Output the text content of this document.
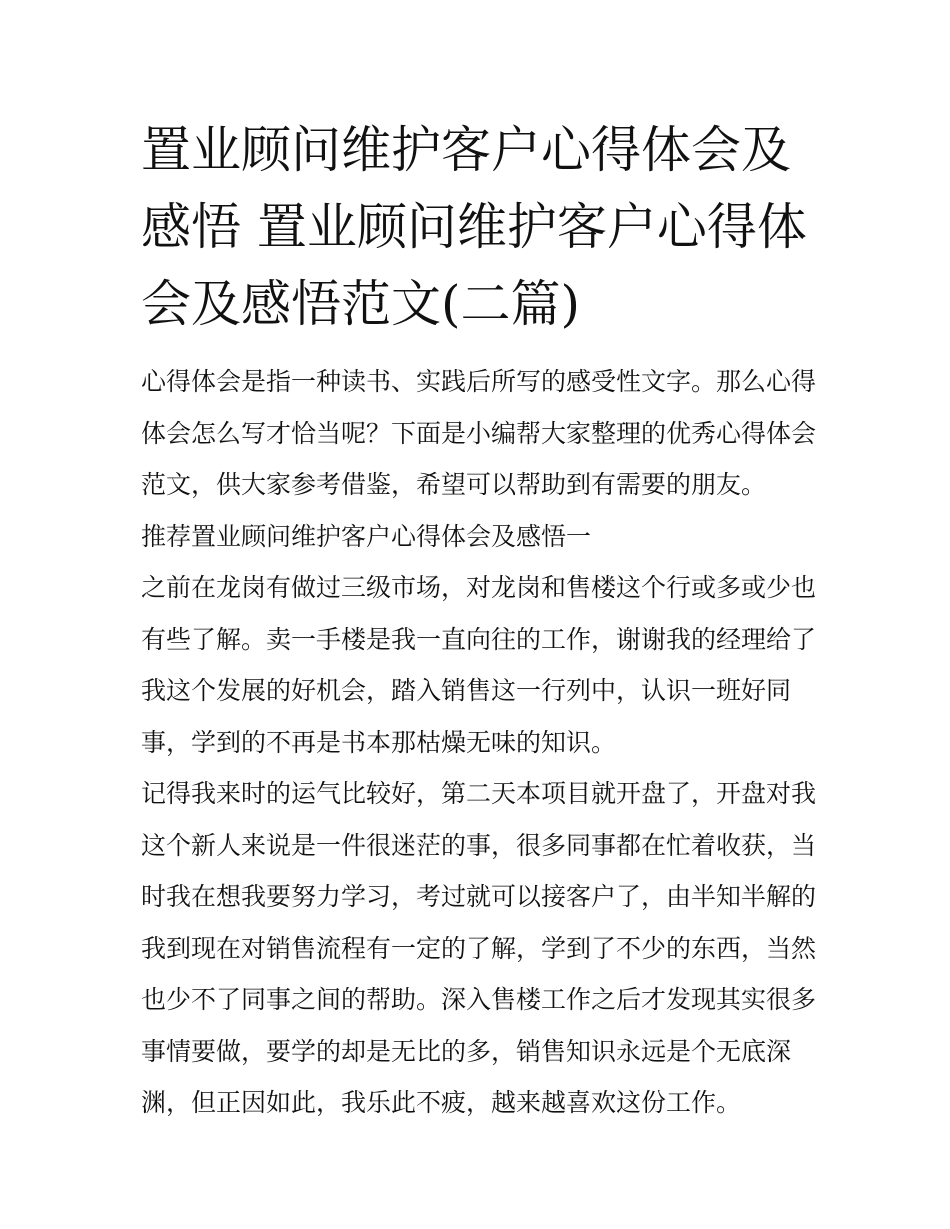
置业顾问维护客户心得体会及感悟 置业顾问维护客户心得体会及感悟范文(二篇)

心得体会是指一种读书、实践后所写的感受性文字。那么心得体会怎么写才恰当呢？下面是小编帮大家整理的优秀心得体会范文，供大家参考借鉴，希望可以帮助到有需要的朋友。

推荐置业顾问维护客户心得体会及感悟一

之前在龙岗有做过三级市场，对龙岗和售楼这个行或多或少也有些了解。卖一手楼是我一直向往的工作，谢谢我的经理给了我这个发展的好机会，踏入销售这一行列中，认识一班好同事，学到的不再是书本那枯燥无味的知识。

记得我来时的运气比较好，第二天本项目就开盘了，开盘对我这个新人来说是一件很迷茫的事，很多同事都在忙着收获，当时我在想我要努力学习，考过就可以接客户了，由半知半解的我到现在对销售流程有一定的了解，学到了不少的东西，当然也少不了同事之间的帮助。深入售楼工作之后才发现其实很多事情要做，要学的却是无比的多，销售知识永远是个无底深渊，但正因如此，我乐此不疲，越来越喜欢这份工作。
